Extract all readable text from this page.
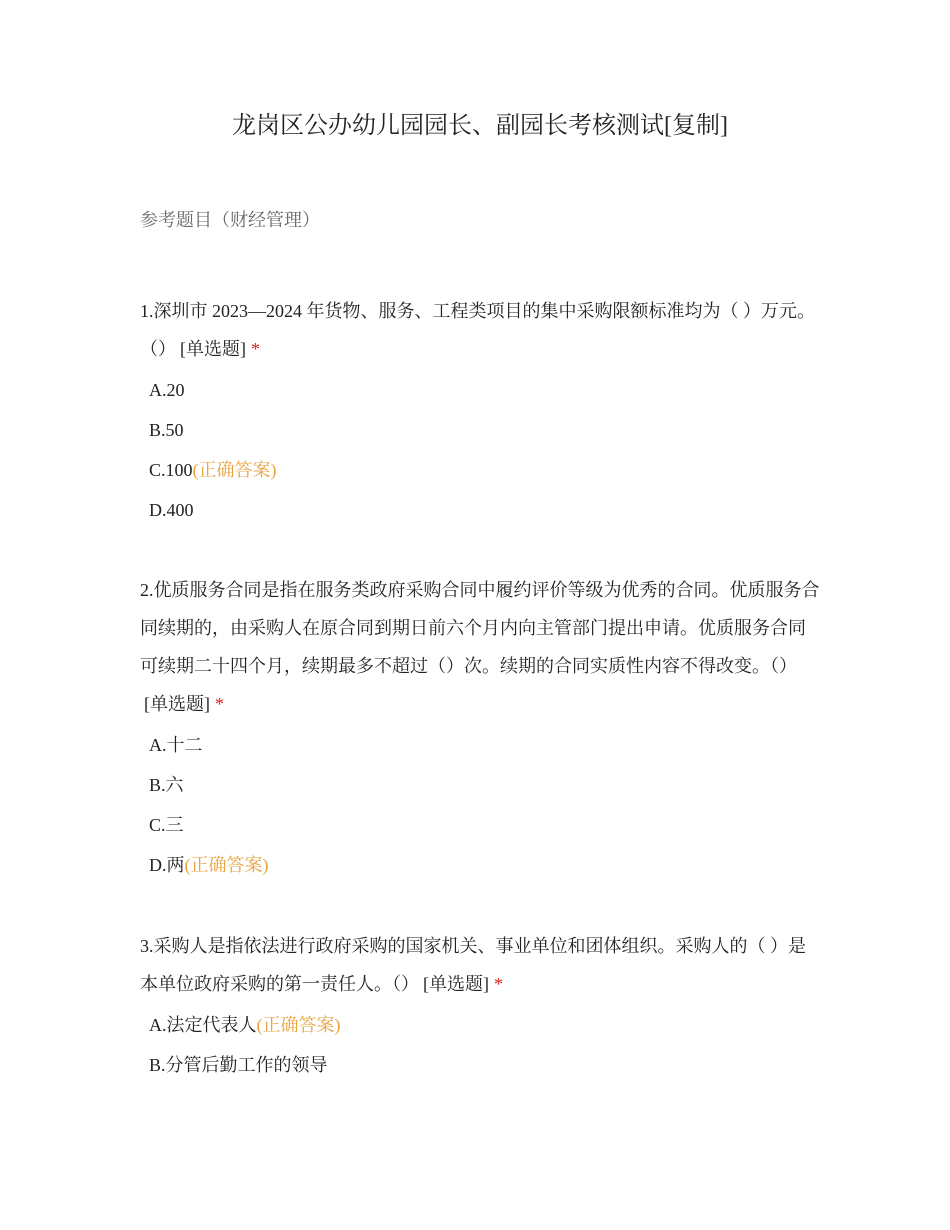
龙岗区公办幼儿园园长、副园长考核测试[复制]
参考题目（财经管理）

1.深圳市 2023—2024 年货物、服务、工程类项目的集中采购限额标准均为（ ）万元。（） [单选题] *

A.20
B.50
C.100(正确答案)
D.400

2.优质服务合同是指在服务类政府采购合同中履约评价等级为优秀的合同。优质服务合同续期的，由采购人在原合同到期日前六个月内向主管部门提出申请。优质服务合同可续期二十四个月，续期最多不超过（）次。续期的合同实质性内容不得改变。（）[单选题] *

A.十二
B.六
C.三
D.两(正确答案)

3.采购人是指依法进行政府采购的国家机关、事业单位和团体组织。采购人的（ ）是本单位政府采购的第一责任人。（） [单选题] *

A.法定代表人(正确答案)
B.分管后勤工作的领导
